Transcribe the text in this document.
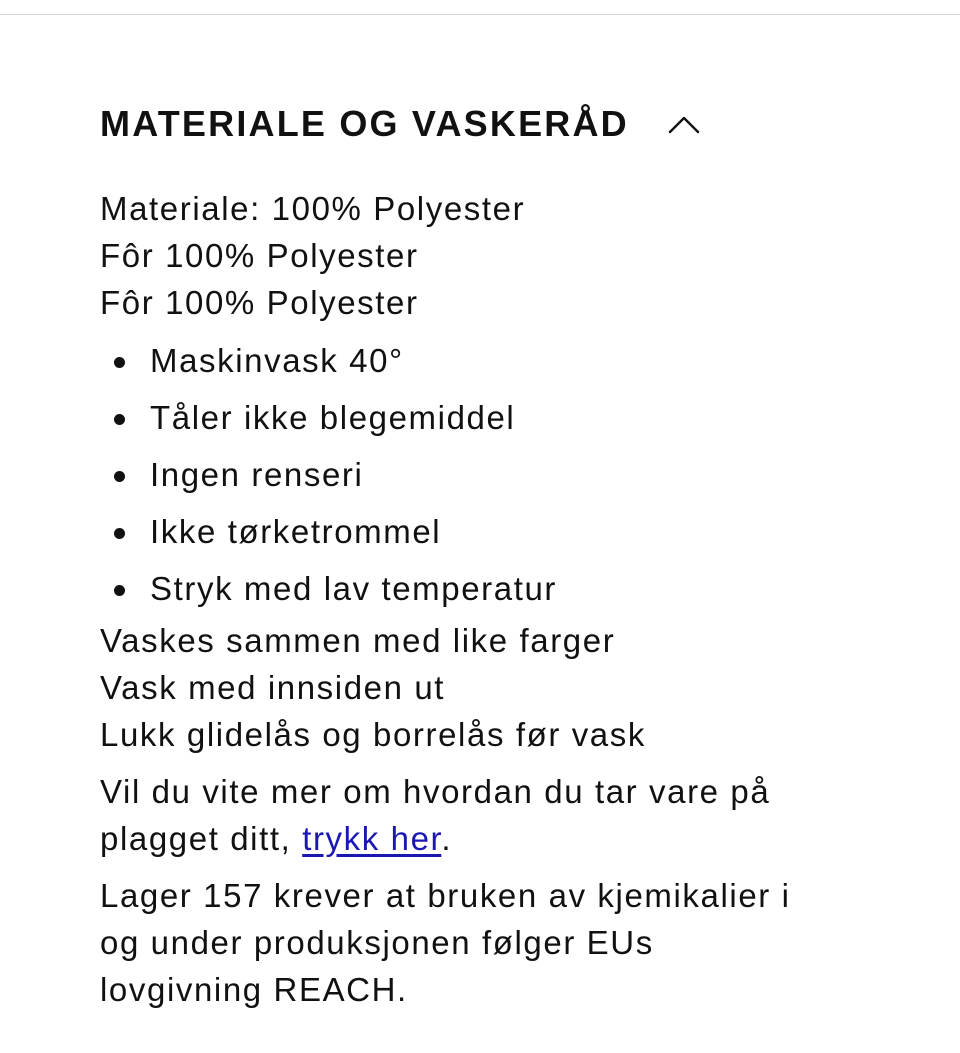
MATERIALE OG VASKERÅD
Materiale: 100% Polyester
Fôr 100% Polyester
Fôr 100% Polyester
Maskinvask 40°
Tåler ikke blegemiddel
Ingen renseri
Ikke tørketrommel
Stryk med lav temperatur
Vaskes sammen med like farger
Vask med innsiden ut
Lukk glidelås og borrelås før vask

Vil du vite mer om hvordan du tar vare på plagget ditt, trykk her.

Lager 157 krever at bruken av kjemikalier i
og under produksjonen følger EUs
lovgivning REACH.
